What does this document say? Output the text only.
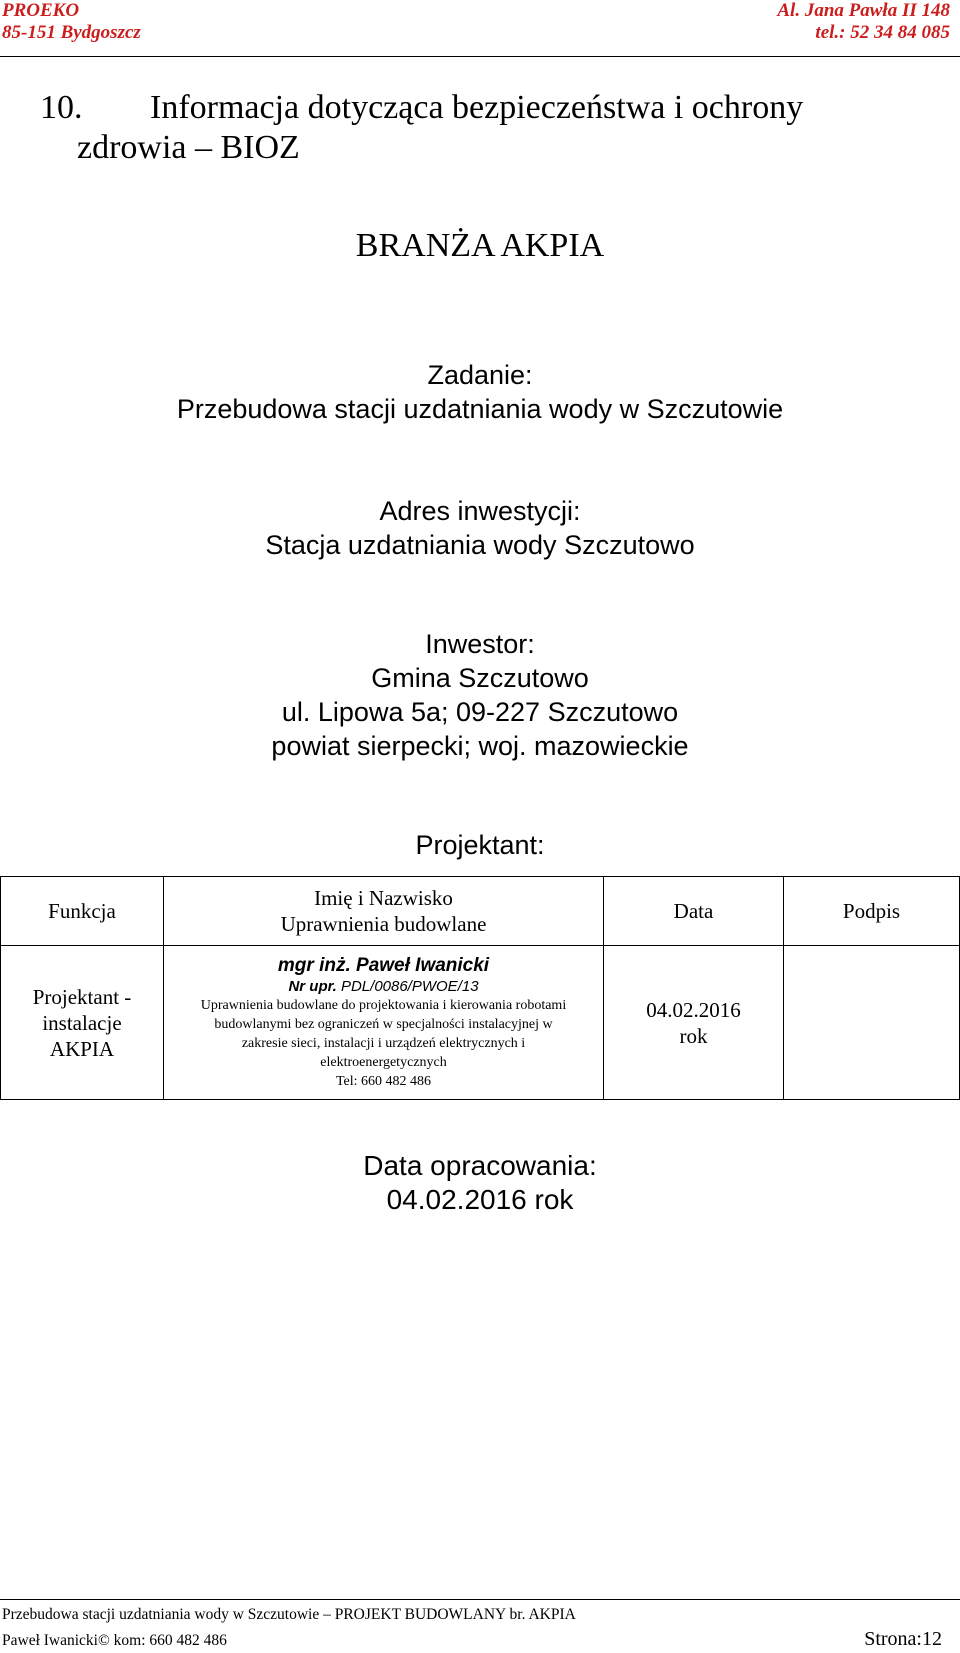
PROEKO
85-151 Bydgoszcz
Al. Jana Pawła II 148
tel.: 52 34 84 085
10. Informacja dotycząca bezpieczeństwa i ochrony
zdrowia – BIOZ
BRANŻA AKPIA
Zadanie:
Przebudowa stacji uzdatniania wody w Szczutowie
Adres inwestycji:
Stacja uzdatniania wody Szczutowo
Inwestor:
Gmina Szczutowo
ul. Lipowa 5a; 09-227 Szczutowo
powiat sierpecki; woj. mazowieckie
Projektant:
Funkcja
Imię i Nazwisko
Uprawnienia budowlane
Data	Podpis
Projektant -
instalacje
AKPIA
mgr inż. Paweł Iwanicki
Nr upr. PDL/0086/PWOE/13
Uprawnienia budowlane do projektowania i kierowania robotami
budowlanymi bez ograniczeń w specjalności instalacyjnej w
zakresie sieci, instalacji i urządzeń elektrycznych i
elektroenergetycznych
Tel: 660 482 486
04.02.2016
rok
Data opracowania:
04.02.2016 rok
Przebudowa stacji uzdatniania wody w Szczutowie – PROJEKT BUDOWLANY br. AKPIA
Paweł Iwanicki© kom: 660 482 486	Strona:12
